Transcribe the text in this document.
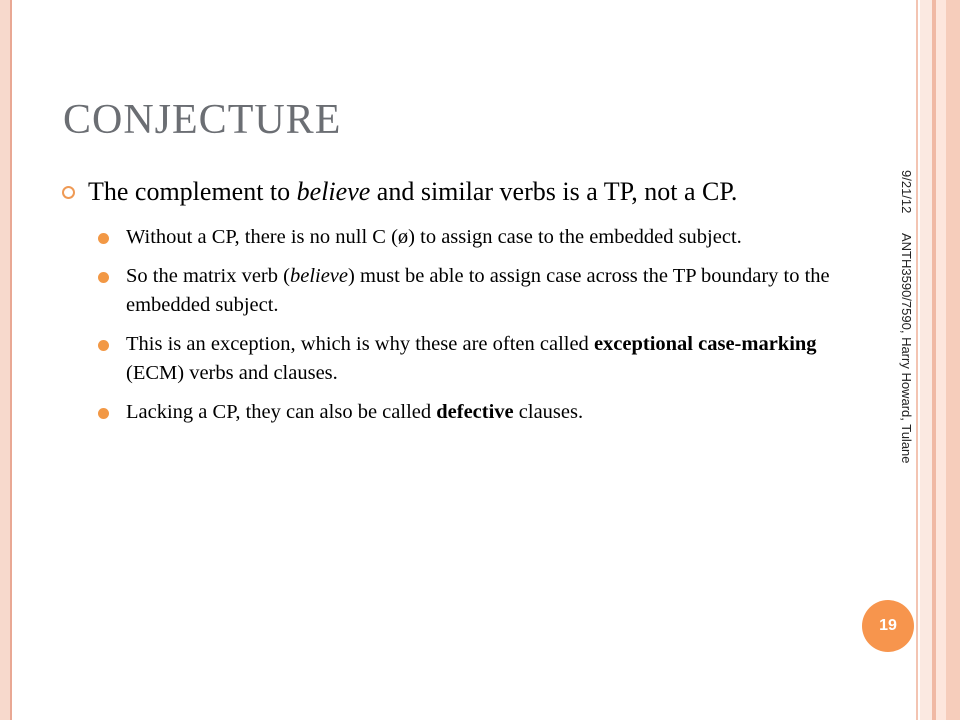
CONJECTURE
The complement to believe and similar verbs is a TP, not a CP.
Without a CP, there is no null C (ø) to assign case to the embedded subject.
So the matrix verb (believe) must be able to assign case across the TP boundary to the embedded subject.
This is an exception, which is why these are often called exceptional case-marking (ECM) verbs and clauses.
Lacking a CP, they can also be called defective clauses.
9/21/12ANTH3590/7590, Harry Howard, Tulane
19
